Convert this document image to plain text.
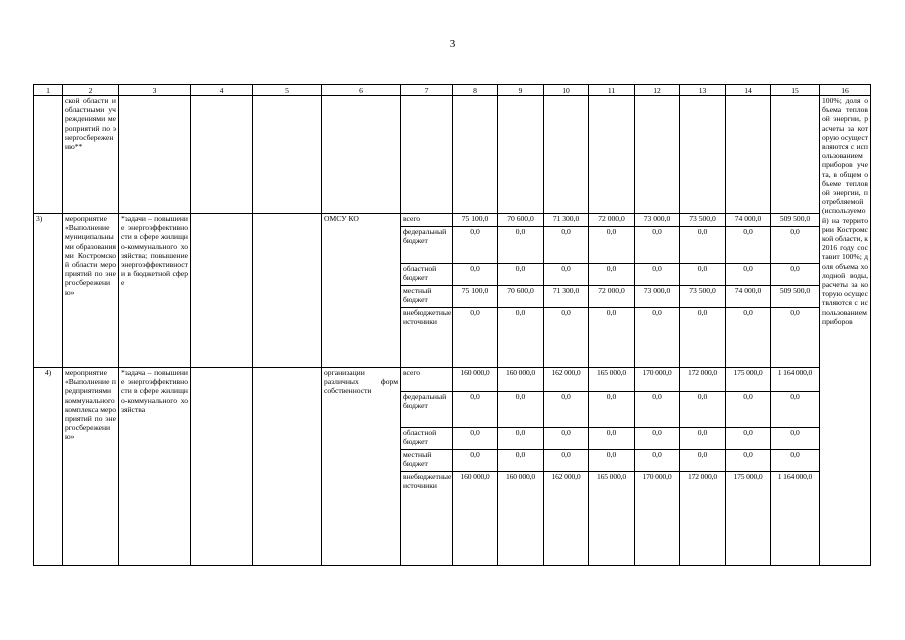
3
1	2	3	4	5	6	7	8	9	10	11	12	13	14	15	16
	ской области и областными учреждениями мероприятий по энергосбережению**														100%; доля объема тепловой энергии, расчеты за которую осуществляются с использованием приборов учета, в общем объеме тепловой энергии, потребляемой (используемой) на территории Костромской области, к 2016 году составит 100%; доля объема холодной воды, расчеты за которую осуществляются с использованием приборов
3)	мероприятие «Выполнение муниципальными образованиями Костромской области мероприятий по энергосбережению»	*задачи – повышение энергоэффективности в сфере жилищно-коммунального хозяйства; повышение энергоэффективности в бюджетной сфере			ОМСУ КО	всего	75 100,0	70 600,0	71 300,0	72 000,0	73 000,0	73 500,0	74 000,0	509 500,0	
						федеральный бюджет	0,0	0,0	0,0	0,0	0,0	0,0	0,0	0,0	
						областной бюджет	0,0	0,0	0,0	0,0	0,0	0,0	0,0	0,0	
						местный бюджет	75 100,0	70 600,0	71 300,0	72 000,0	73 000,0	73 500,0	74 000,0	509 500,0	
						внебюджетные источники	0,0	0,0	0,0	0,0	0,0	0,0	0,0	0,0	
4)	мероприятие «Выполнение предприятиями коммунального комплекса мероприятий по энергосбережению»	*задача – повышение энергоэффективности в сфере жилищно-коммунального хозяйства			организации различных форм собственности	всего	160 000,0	160 000,0	162 000,0	165 000,0	170 000,0	172 000,0	175 000,0	1 164 000,0	
						федеральный бюджет	0,0	0,0	0,0	0,0	0,0	0,0	0,0	0,0	
						областной бюджет	0,0	0,0	0,0	0,0	0,0	0,0	0,0	0,0	
						местный бюджет	0,0	0,0	0,0	0,0	0,0	0,0	0,0	0,0	
						внебюджетные источники	160 000,0	160 000,0	162 000,0	165 000,0	170 000,0	172 000,0	175 000,0	1 164 000,0	
